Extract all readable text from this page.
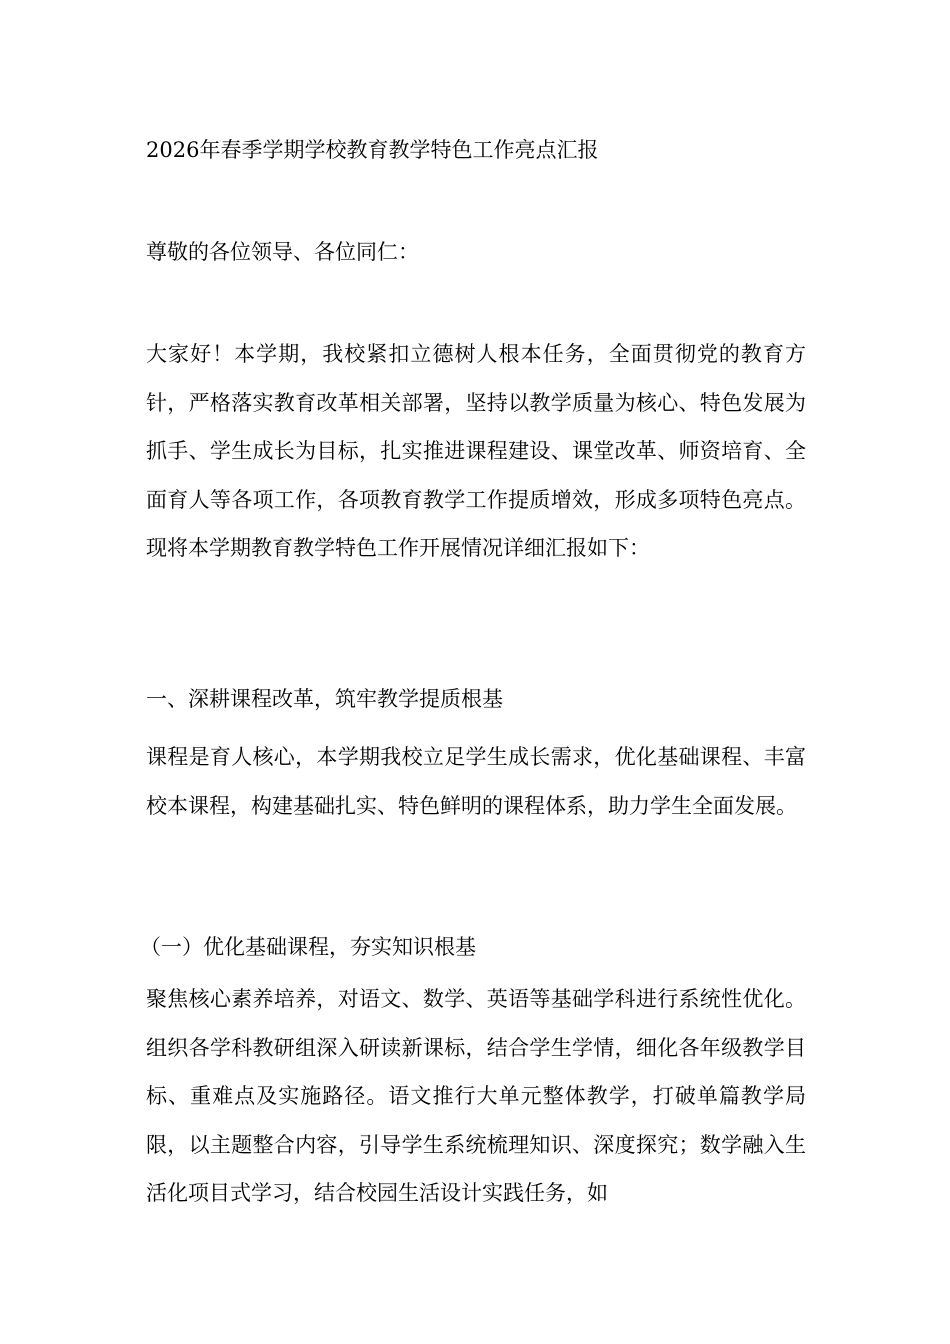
2026年春季学期学校教育教学特色工作亮点汇报
尊敬的各位领导、各位同仁：

大家好！本学期，我校紧扣立德树人根本任务，全面贯彻党的教育方针，严格落实教育改革相关部署，坚持以教学质量为核心、特色发展为抓手、学生成长为目标，扎实推进课程建设、课堂改革、师资培育、全面育人等各项工作，各项教育教学工作提质增效，形成多项特色亮点。现将本学期教育教学特色工作开展情况详细汇报如下：

一、深耕课程改革，筑牢教学提质根基

课程是育人核心，本学期我校立足学生成长需求，优化基础课程、丰富校本课程，构建基础扎实、特色鲜明的课程体系，助力学生全面发展。

（一）优化基础课程，夯实知识根基

聚焦核心素养培养，对语文、数学、英语等基础学科进行系统性优化。组织各学科教研组深入研读新课标，结合学生学情，细化各年级教学目标、重难点及实施路径。语文推行大单元整体教学，打破单篇教学局限，以主题整合内容，引导学生系统梳理知识、深度探究；数学融入生活化项目式学习，结合校园生活设计实践任务，如
